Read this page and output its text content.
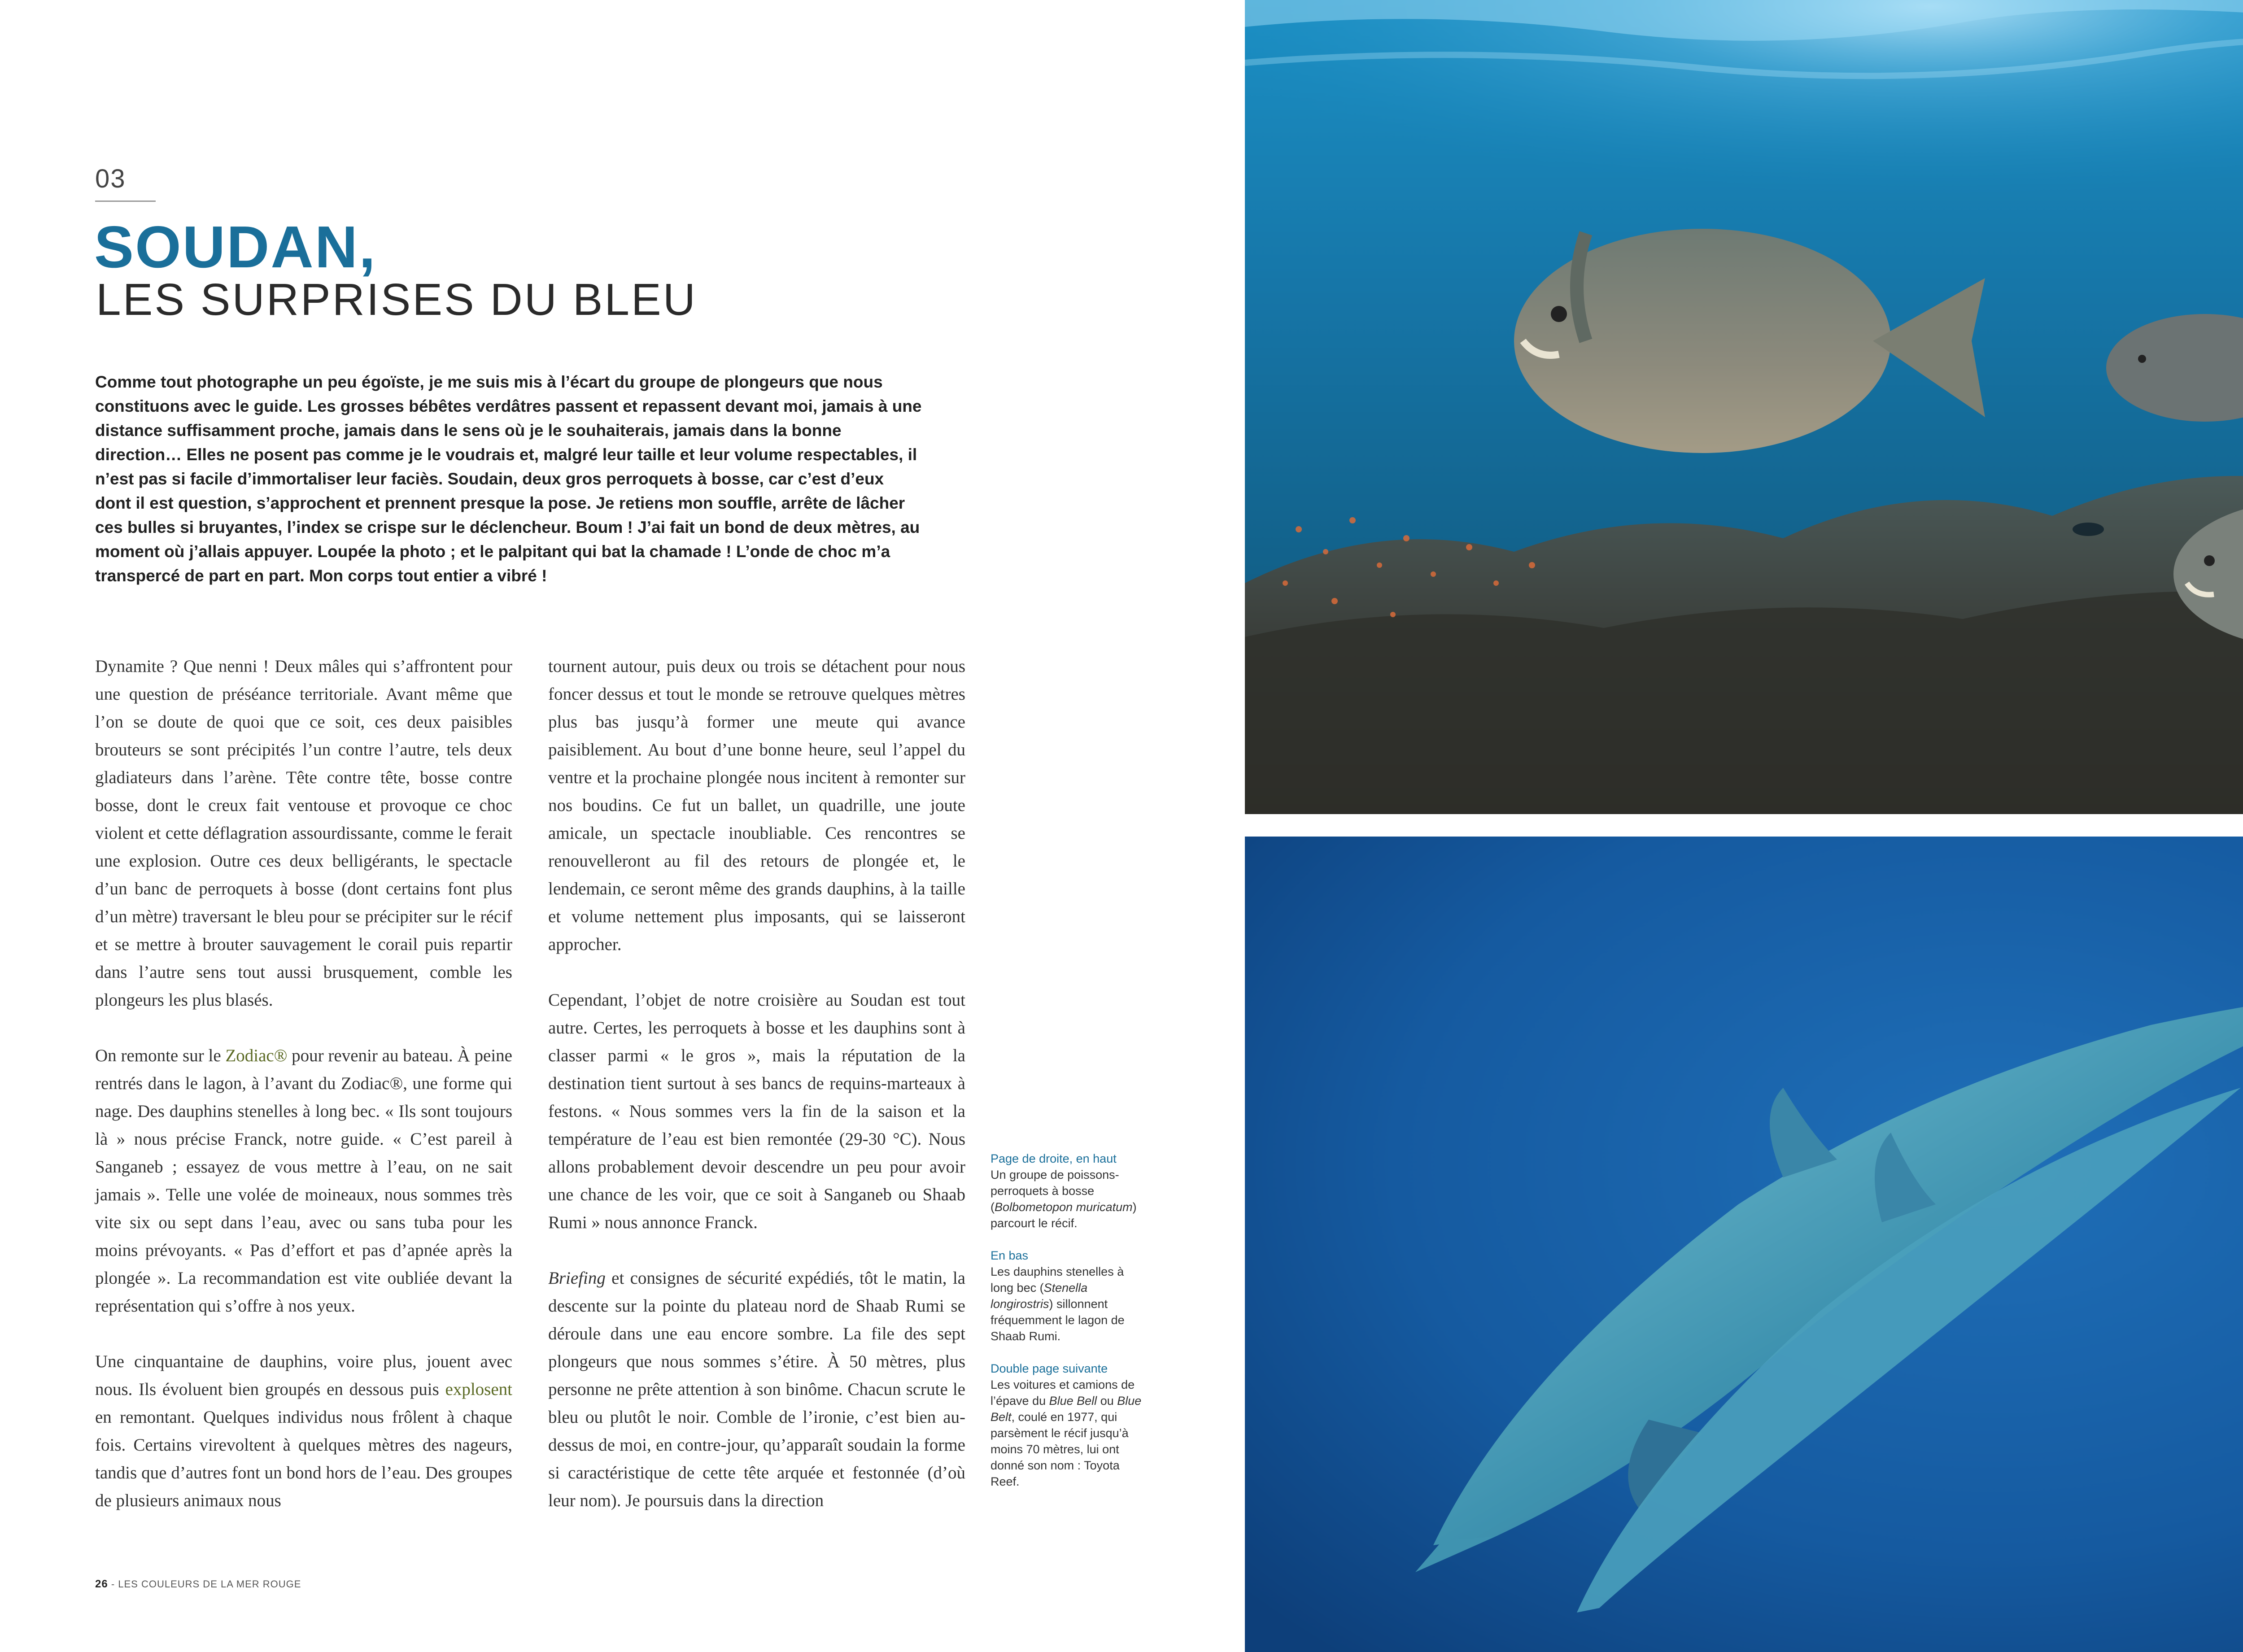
03
SOUDAN,
LES SURPRISES DU BLEU
Comme tout photographe un peu égoïste, je me suis mis à l’écart du groupe de plongeurs que nous constituons avec le guide. Les grosses bébêtes verdâtres passent et repassent devant moi, jamais à une distance suffisamment proche, jamais dans le sens où je le souhaiterais, jamais dans la bonne direction… Elles ne posent pas comme je le voudrais et, malgré leur taille et leur volume respectables, il n’est pas si facile d’immortaliser leur faciès. Soudain, deux gros perroquets à bosse, car c’est d’eux dont il est question, s’approchent et prennent presque la pose. Je retiens mon souffle, arrête de lâcher ces bulles si bruyantes, l’index se crispe sur le déclencheur. Boum ! J’ai fait un bond de deux mètres, au moment où j’allais appuyer. Loupée la photo ; et le palpitant qui bat la chamade ! L’onde de choc m’a transpercé de part en part. Mon corps tout entier a vibré !

Dynamite ? Que nenni ! Deux mâles qui s’affrontent pour une question de préséance territoriale. Avant même que l’on se doute de quoi que ce soit, ces deux paisibles brouteurs se sont précipités l’un contre l’autre, tels deux gladiateurs dans l’arène. Tête contre tête, bosse contre bosse, dont le creux fait ventouse et provoque ce choc violent et cette déflagration assourdissante, comme le ferait une explosion. Outre ces deux belligérants, le spectacle d’un banc de perroquets à bosse (dont certains font plus d’un mètre) traversant le bleu pour se précipiter sur le récif et se mettre à brouter sauvagement le corail puis repartir dans l’autre sens tout aussi brusquement, comble les plongeurs les plus blasés.

On remonte sur le Zodiac® pour revenir au bateau. À peine rentrés dans le lagon, à l’avant du Zodiac®, une forme qui nage. Des dauphins stenelles à long bec. « Ils sont toujours là » nous précise Franck, notre guide. « C’est pareil à Sanganeb ; essayez de vous mettre à l’eau, on ne sait jamais ». Telle une volée de moineaux, nous sommes très vite six ou sept dans l’eau, avec ou sans tuba pour les moins prévoyants. « Pas d’effort et pas d’apnée après la plongée ». La recommandation est vite oubliée devant la représentation qui s’offre à nos yeux.

Une cinquantaine de dauphins, voire plus, jouent avec nous. Ils évoluent bien groupés en dessous puis explosent en remontant. Quelques individus nous frôlent à chaque fois. Certains virevoltent à quelques mètres des nageurs, tandis que d’autres font un bond hors de l’eau. Des groupes de plusieurs animaux nous

tournent autour, puis deux ou trois se détachent pour nous foncer dessus et tout le monde se retrouve quelques mètres plus bas jusqu’à former une meute qui avance paisiblement. Au bout d’une bonne heure, seul l’appel du ventre et la prochaine plongée nous incitent à remonter sur nos boudins. Ce fut un ballet, un quadrille, une joute amicale, un spectacle inoubliable. Ces rencontres se renouvelleront au fil des retours de plongée et, le lendemain, ce seront même des grands dauphins, à la taille et volume nettement plus imposants, qui se laisseront approcher.

Cependant, l’objet de notre croisière au Soudan est tout autre. Certes, les perroquets à bosse et les dauphins sont à classer parmi « le gros », mais la réputation de la destination tient surtout à ses bancs de requins-marteaux à festons. « Nous sommes vers la fin de la saison et la température de l’eau est bien remontée (29-30 °C). Nous allons probablement devoir descendre un peu pour avoir une chance de les voir, que ce soit à Sanganeb ou Shaab Rumi » nous annonce Franck.

Briefing et consignes de sécurité expédiés, tôt le matin, la descente sur la pointe du plateau nord de Shaab Rumi se déroule dans une eau encore sombre. La file des sept plongeurs que nous sommes s’étire. À 50 mètres, plus personne ne prête attention à son binôme. Chacun scrute le bleu ou plutôt le noir. Comble de l’ironie, c’est bien au-dessus de moi, en contre-jour, qu’apparaît soudain la forme si caractéristique de cette tête arquée et festonnée (d’où leur nom). Je poursuis dans la direction

Page de droite, en haut
Un groupe de poissons-perroquets à bosse (Bolbometopon muricatum) parcourt le récif.
En bas
Les dauphins stenelles à long bec (Stenella longirostris) sillonnent fréquemment le lagon de Shaab Rumi.
Double page suivante
Les voitures et camions de l’épave du Blue Bell ou Blue Belt, coulé en 1977, qui parsèment le récif jusqu’à moins 70 mètres, lui ont donné son nom : Toyota Reef.
26 - LES COULEURS DE LA MER ROUGE
